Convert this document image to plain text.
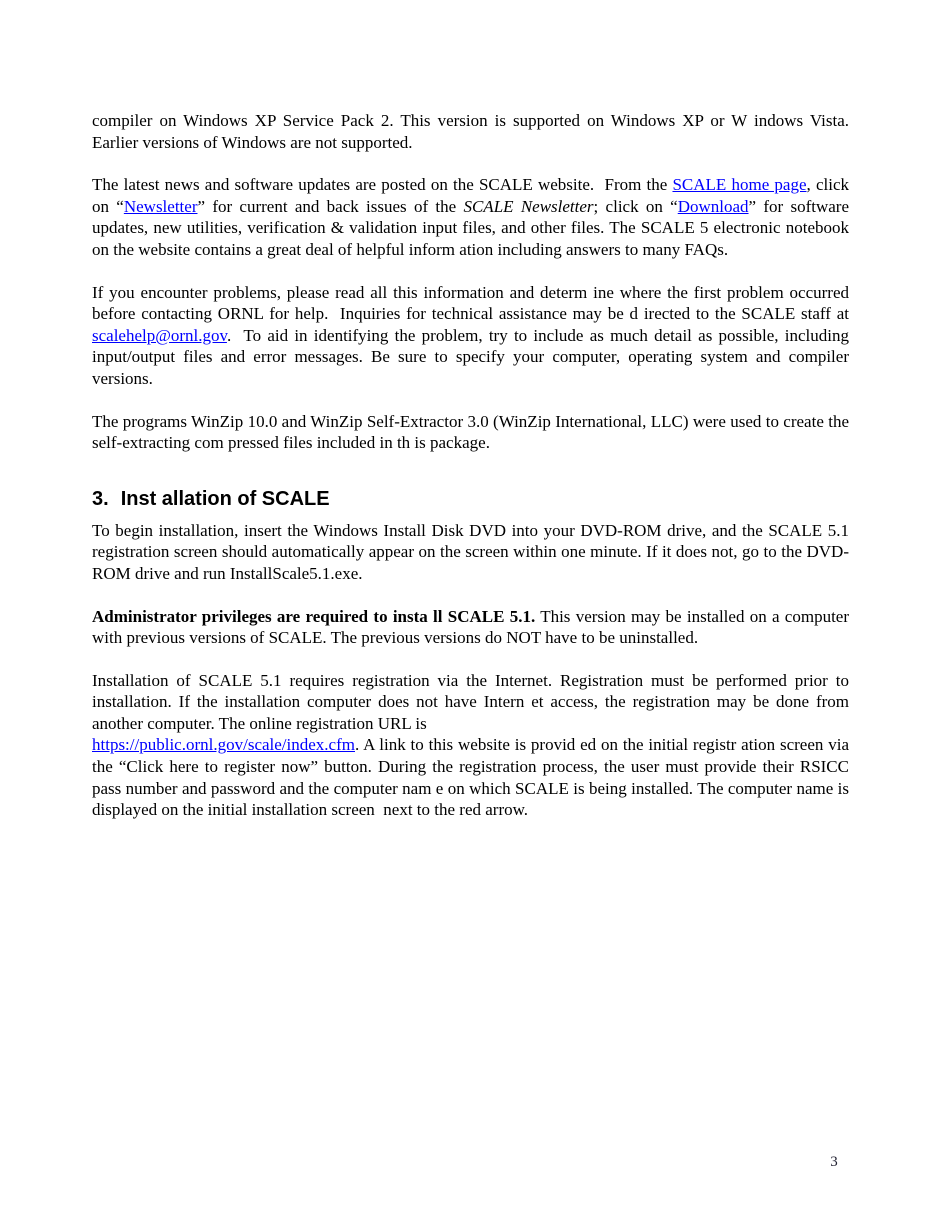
compiler on Windows XP Service Pack 2. This version is supported on Windows XP or W indows Vista. Earlier versions of Windows are not supported.

The latest news and software updates are posted on the SCALE website.  From the SCALE home page, click on “Newsletter” for current and back issues of the SCALE Newsletter; click on “Download” for software updates, new utilities, verification & validation input files, and other files. The SCALE 5 electronic notebook on the website contains a great deal of helpful inform ation including answers to many FAQs.

If you encounter problems, please read all this information and determ ine where the first problem occurred before contacting ORNL for help.  Inquiries for technical assistance may be d irected to the SCALE staff at scalehelp@ornl.gov.  To aid in identifying the problem, try to include as much detail as possible, including input/output files and error messages. Be sure to specify your computer, operating system and compiler versions.

The programs WinZip 10.0 and WinZip Self-Extractor 3.0 (WinZip International, LLC) were used to create the self-extracting com pressed files included in th is package.

3. Inst allation of SCALE

To begin installation, insert the Windows Install Disk DVD into your DVD-ROM drive, and the SCALE 5.1 registration screen should automatically appear on the screen within one minute. If it does not, go to the DVD-ROM drive and run InstallScale5.1.exe.

Administrator privileges are required to insta ll SCALE 5.1. This version may be installed on a computer with previous versions of SCALE. The previous versions do NOT have to be uninstalled.

Installation of SCALE 5.1 requires registration via the Internet. Registration must be performed prior to installation. If the installation computer does not have Intern et access, the registration may be done from another computer. The online registration URL is
https://public.ornl.gov/scale/index.cfm. A link to this website is provid ed on the initial registr ation screen via the “Click here to register now” button. During the registration process, the user must provide their RSICC pass number and password and the computer nam e on which SCALE is being installed. The computer name is displayed on the initial installation screen  next to the red arrow.

3
